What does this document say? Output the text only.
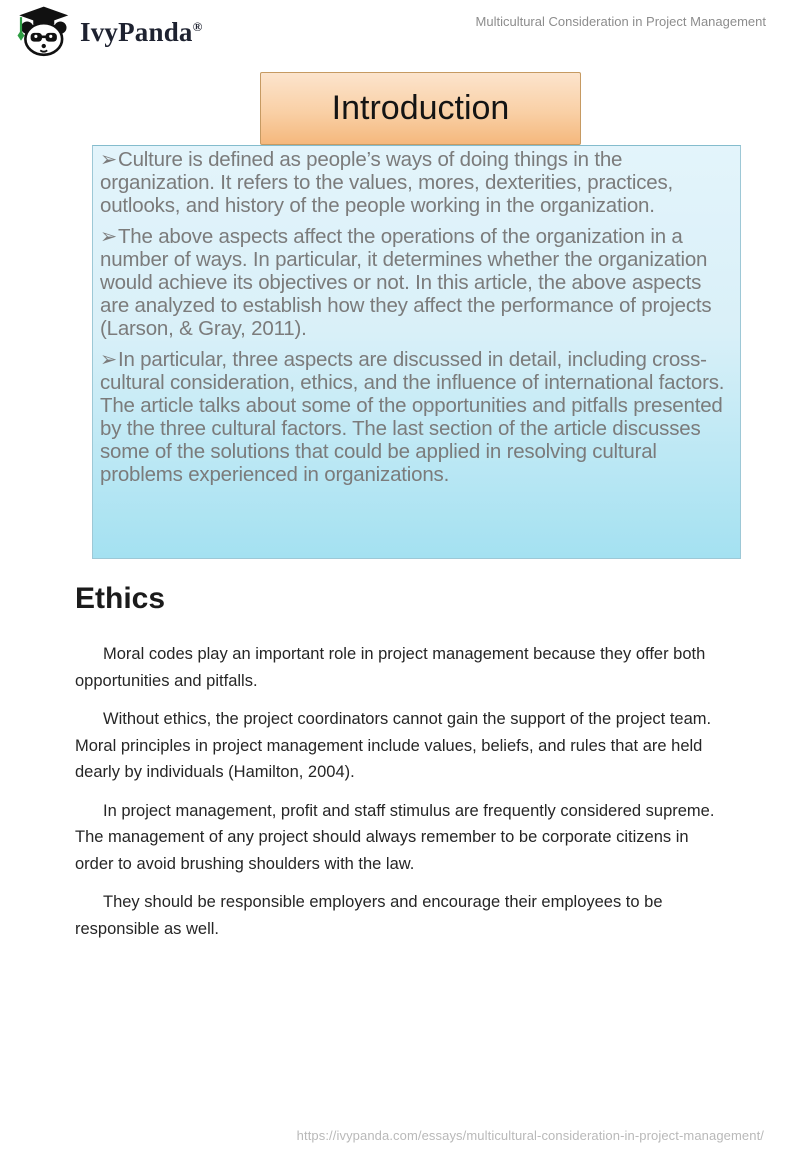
IvyPanda®	Multicultural Consideration in Project Management
Introduction
➢Culture is defined as people’s ways of doing things in the organization. It refers to the values, mores, dexterities, practices, outlooks, and history of the people working in the organization.
➢The above aspects affect the operations of the organization in a number of ways. In particular, it determines whether the organization would achieve its objectives or not. In this article, the above aspects are analyzed to establish how they affect the performance of projects (Larson, & Gray, 2011).
➢In particular, three aspects are discussed in detail, including cross-cultural consideration, ethics, and the influence of international factors. The article talks about some of the opportunities and pitfalls presented by the three cultural factors. The last section of the article discusses some of the solutions that could be applied in resolving cultural problems experienced in organizations.
Ethics

Moral codes play an important role in project management because they offer both opportunities and pitfalls.

Without ethics, the project coordinators cannot gain the support of the project team. Moral principles in project management include values, beliefs, and rules that are held dearly by individuals (Hamilton, 2004).

In project management, profit and staff stimulus are frequently considered supreme. The management of any project should always remember to be corporate citizens in order to avoid brushing shoulders with the law.

They should be responsible employers and encourage their employees to be responsible as well.

https://ivypanda.com/essays/multicultural-consideration-in-project-management/
